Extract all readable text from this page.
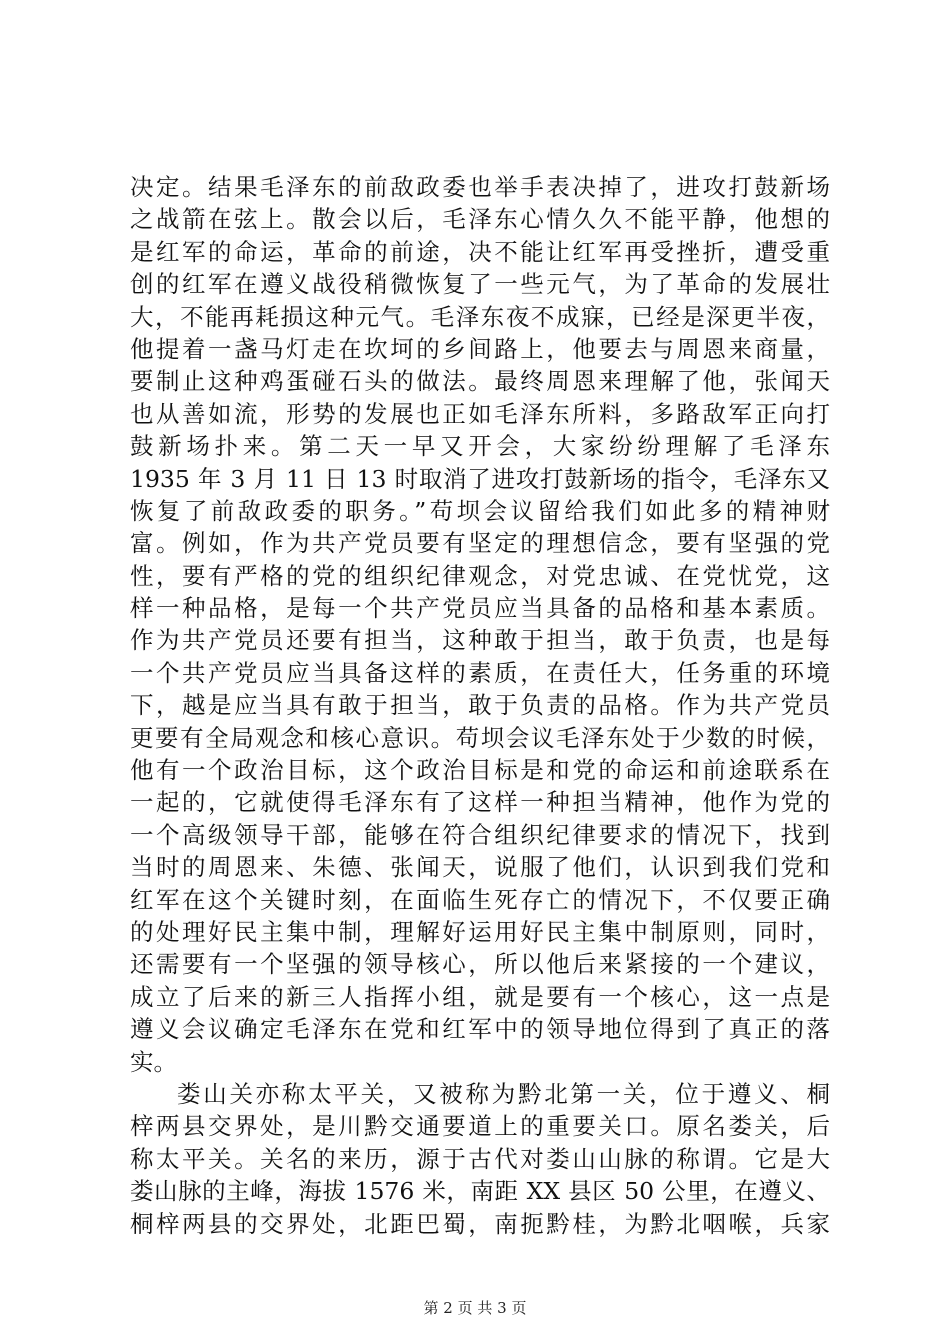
决定。结果毛泽东的前敌政委也举手表决掉了，进攻打鼓新场
之战箭在弦上。散会以后，毛泽东心情久久不能平静，他想的
是红军的命运，革命的前途，决不能让红军再受挫折，遭受重
创的红军在遵义战役稍微恢复了一些元气，为了革命的发展壮
大，不能再耗损这种元气。毛泽东夜不成寐，已经是深更半夜，
他提着一盏马灯走在坎坷的乡间路上，他要去与周恩来商量，
要制止这种鸡蛋碰石头的做法。最终周恩来理解了他，张闻天
也从善如流，形势的发展也正如毛泽东所料，多路敌军正向打
鼓新场扑来。第二天一早又开会，大家纷纷理解了毛泽东
1935 年 3 月 11 日 13 时取消了进攻打鼓新场的指令，毛泽东又
恢复了前敌政委的职务。”苟坝会议留给我们如此多的精神财
富。例如，作为共产党员要有坚定的理想信念，要有坚强的党
性，要有严格的党的组织纪律观念，对党忠诚、在党忧党，这
样一种品格，是每一个共产党员应当具备的品格和基本素质。
作为共产党员还要有担当，这种敢于担当，敢于负责，也是每
一个共产党员应当具备这样的素质，在责任大，任务重的环境
下，越是应当具有敢于担当，敢于负责的品格。作为共产党员
更要有全局观念和核心意识。苟坝会议毛泽东处于少数的时候，
他有一个政治目标，这个政治目标是和党的命运和前途联系在
一起的，它就使得毛泽东有了这样一种担当精神，他作为党的
一个高级领导干部，能够在符合组织纪律要求的情况下，找到
当时的周恩来、朱德、张闻天，说服了他们，认识到我们党和
红军在这个关键时刻，在面临生死存亡的情况下，不仅要正确
的处理好民主集中制，理解好运用好民主集中制原则，同时，
还需要有一个坚强的领导核心，所以他后来紧接的一个建议，
成立了后来的新三人指挥小组，就是要有一个核心，这一点是
遵义会议确定毛泽东在党和红军中的领导地位得到了真正的落
实。
娄山关亦称太平关，又被称为黔北第一关，位于遵义、桐
梓两县交界处，是川黔交通要道上的重要关口。原名娄关，后
称太平关。关名的来历，源于古代对娄山山脉的称谓。它是大
娄山脉的主峰，海拔 1576 米，南距 XX 县区 50 公里，在遵义、
桐梓两县的交界处，北距巴蜀，南扼黔桂，为黔北咽喉，兵家
第 2 页 共 3 页
